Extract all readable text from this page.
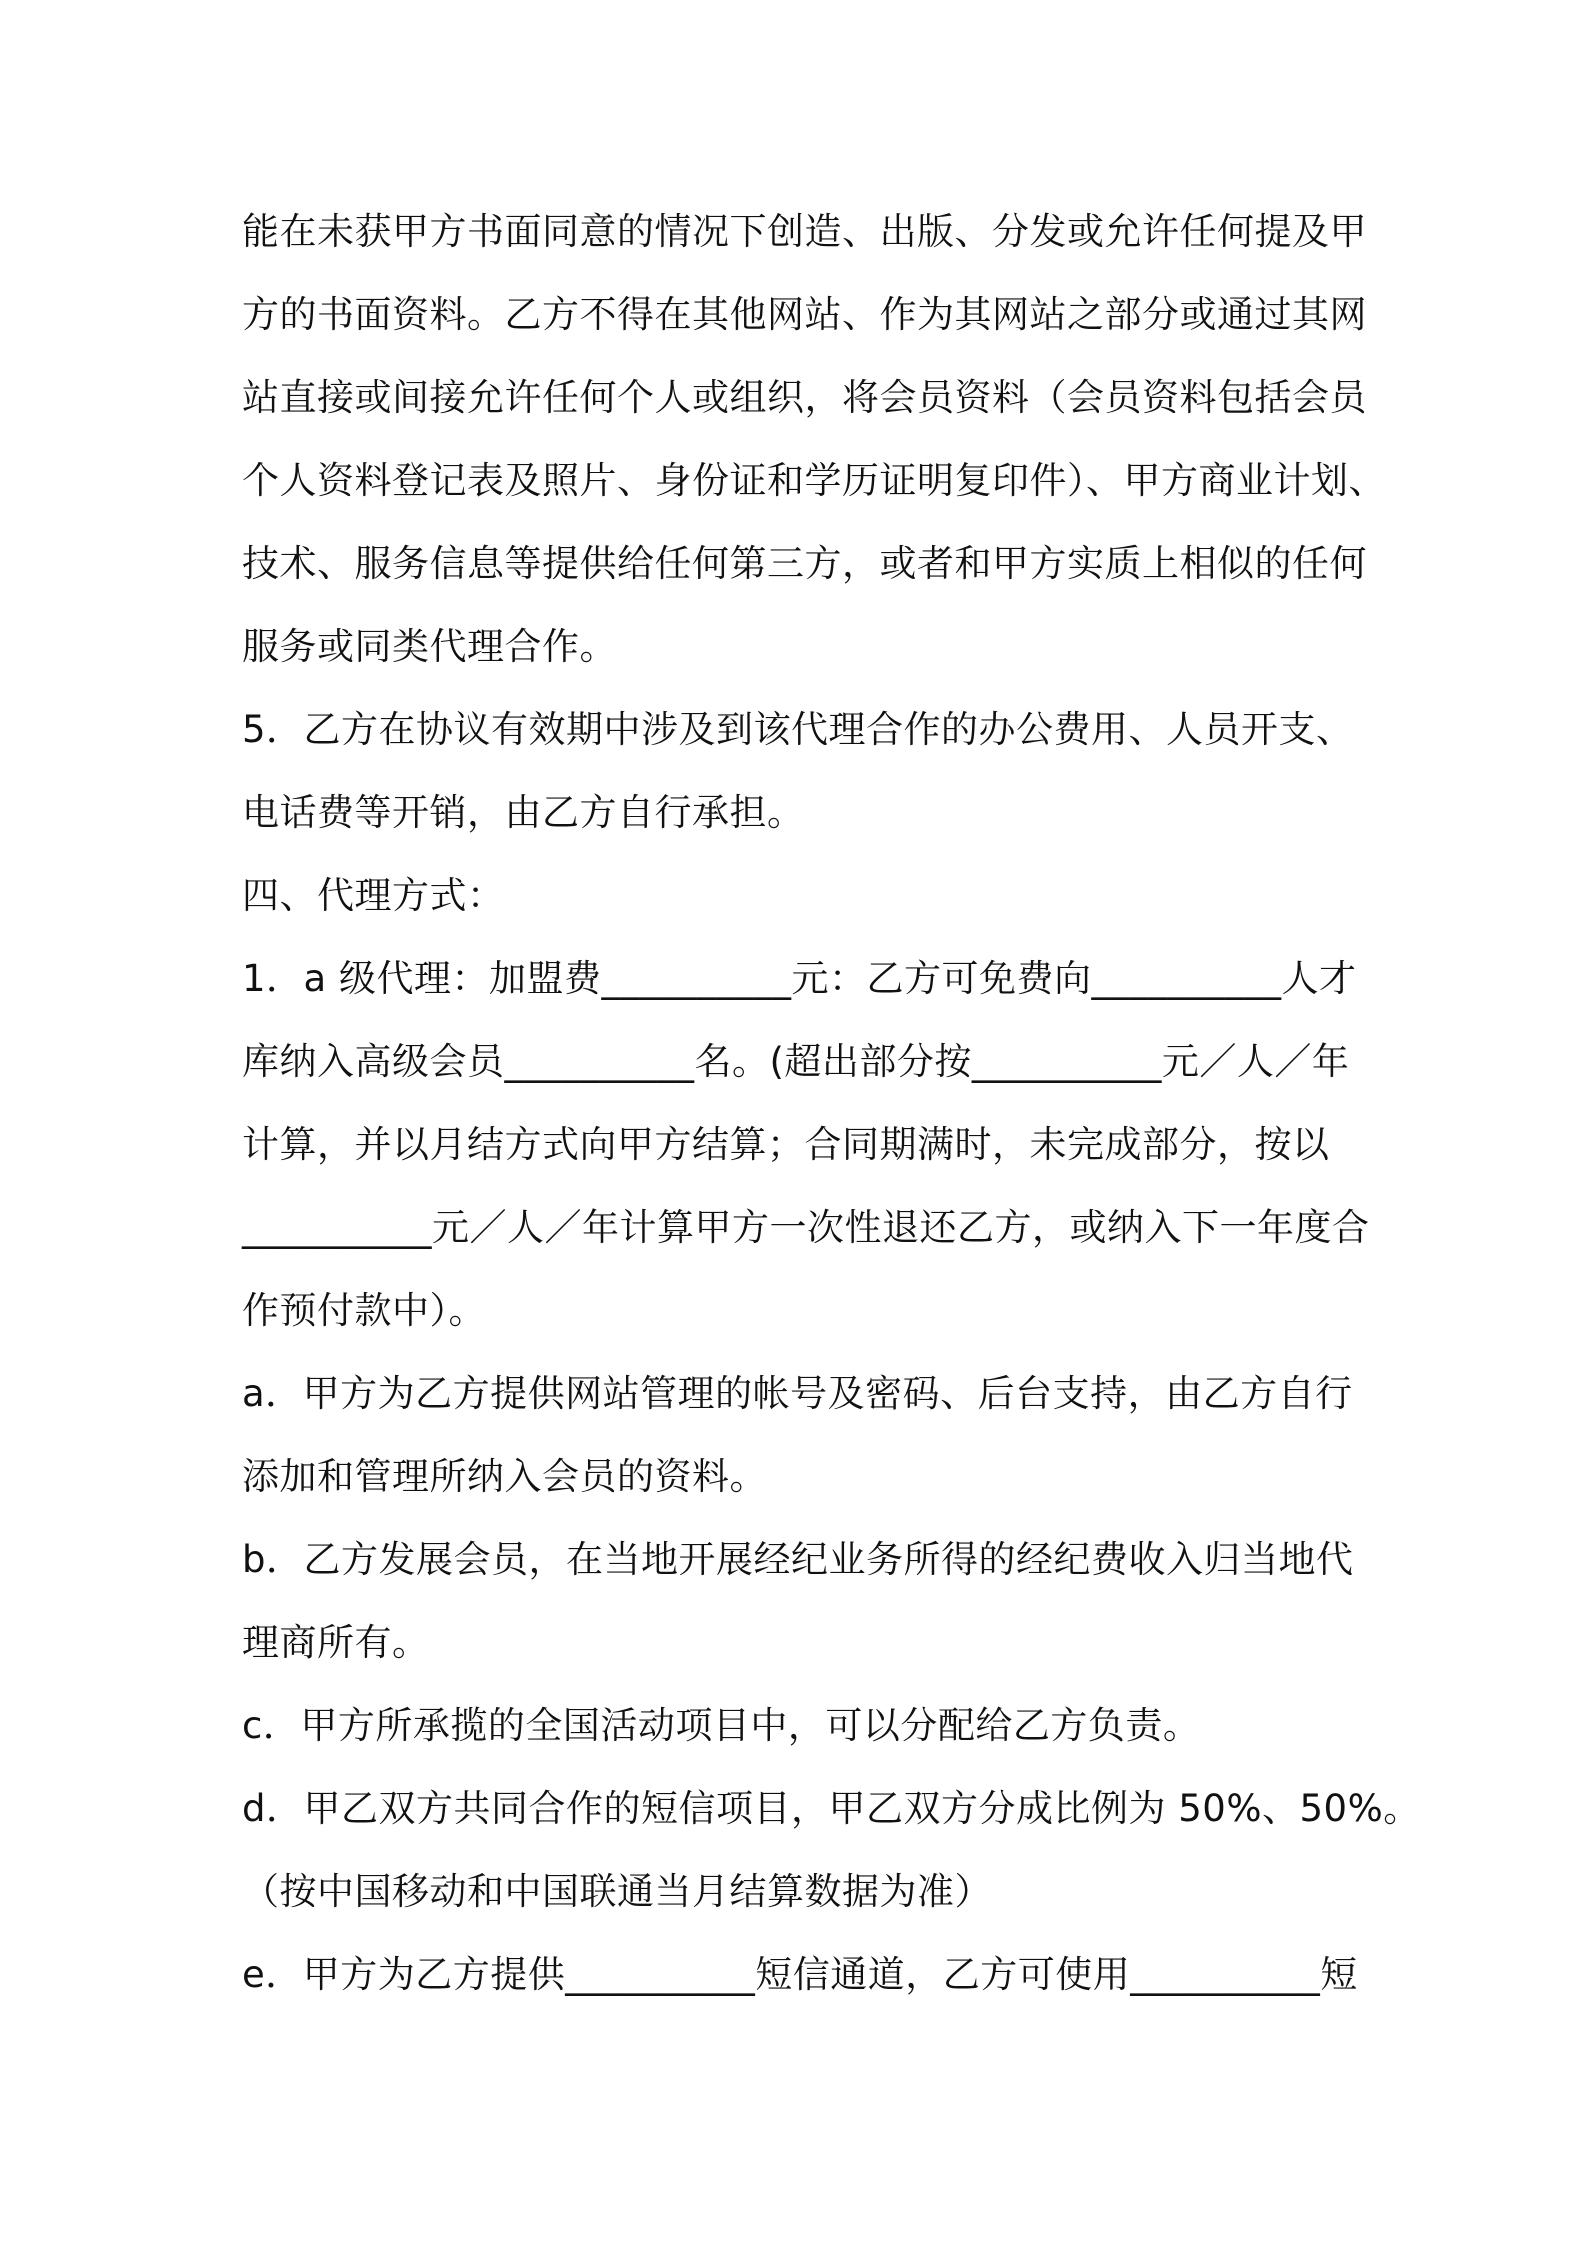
能在未获甲方书面同意的情况下创造、出版、分发或允许任何提及甲
方的书面资料。乙方不得在其他网站、作为其网站之部分或通过其网
站直接或间接允许任何个人或组织，将会员资料（会员资料包括会员
个人资料登记表及照片、身份证和学历证明复印件）、甲方商业计划、
技术、服务信息等提供给任何第三方，或者和甲方实质上相似的任何
服务或同类代理合作。
5．乙方在协议有效期中涉及到该代理合作的办公费用、人员开支、
电话费等开销，由乙方自行承担。
四、代理方式：
1．a 级代理：加盟费__________元：乙方可免费向__________人才
库纳入高级会员__________名。(超出部分按__________元／人／年
计算，并以月结方式向甲方结算；合同期满时，未完成部分，按以
__________元／人／年计算甲方一次性退还乙方，或纳入下一年度合
作预付款中）。
a．甲方为乙方提供网站管理的帐号及密码、后台支持，由乙方自行
添加和管理所纳入会员的资料。
b．乙方发展会员，在当地开展经纪业务所得的经纪费收入归当地代
理商所有。
c．甲方所承揽的全国活动项目中，可以分配给乙方负责。
d．甲乙双方共同合作的短信项目，甲乙双方分成比例为 50%、50%。
（按中国移动和中国联通当月结算数据为准）
e．甲方为乙方提供__________短信通道，乙方可使用__________短
